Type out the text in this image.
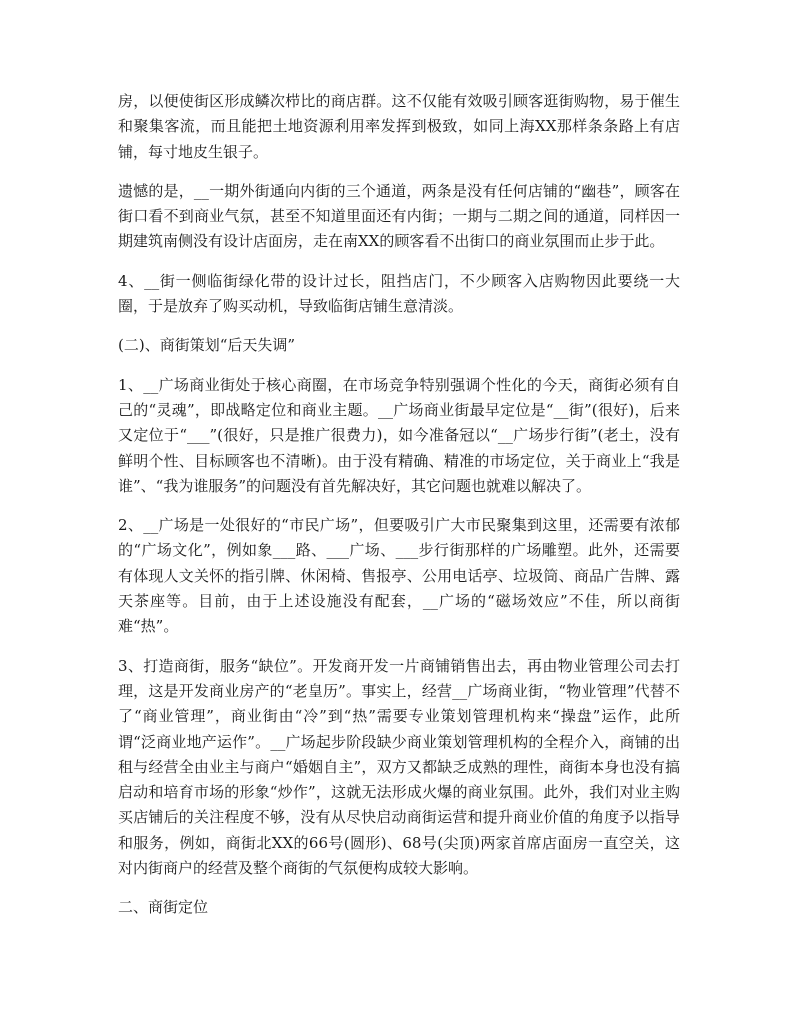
房，以便使街区形成鳞次栉比的商店群。这不仅能有效吸引顾客逛街购物，易于催生和聚集客流，而且能把土地资源利用率发挥到极致，如同上海XX那样条条路上有店铺，每寸地皮生银子。

遗憾的是，__一期外街通向内街的三个通道，两条是没有任何店铺的“幽巷”，顾客在街口看不到商业气氛，甚至不知道里面还有内街；一期与二期之间的通道，同样因一期建筑南侧没有设计店面房，走在南XX的顾客看不出街口的商业氛围而止步于此。

4、__街一侧临街绿化带的设计过长，阻挡店门，不少顾客入店购物因此要绕一大圈，于是放弃了购买动机，导致临街店铺生意清淡。

(二)、商街策划“后天失调”

1、__广场商业街处于核心商圈，在市场竞争特别强调个性化的今天，商街必须有自己的“灵魂”，即战略定位和商业主题。__广场商业街最早定位是“__街”(很好)，后来又定位于“___”(很好，只是推广很费力)，如今准备冠以“__广场步行街”(老土，没有鲜明个性、目标顾客也不清晰)。由于没有精确、精准的市场定位，关于商业上“我是谁”、“我为谁服务”的问题没有首先解决好，其它问题也就难以解决了。

2、__广场是一处很好的“市民广场”，但要吸引广大市民聚集到这里，还需要有浓郁的“广场文化”，例如象___路、___广场、___步行街那样的广场雕塑。此外，还需要有体现人文关怀的指引牌、休闲椅、售报亭、公用电话亭、垃圾筒、商品广告牌、露天茶座等。目前，由于上述设施没有配套，__广场的“磁场效应”不佳，所以商街难“热”。

3、打造商街，服务“缺位”。开发商开发一片商铺销售出去，再由物业管理公司去打理，这是开发商业房产的“老皇历”。事实上，经营__广场商业街，“物业管理”代替不了“商业管理”，商业街由“冷”到“热”需要专业策划管理机构来“操盘”运作，此所谓“泛商业地产运作”。__广场起步阶段缺少商业策划管理机构的全程介入，商铺的出租与经营全由业主与商户“婚姻自主”，双方又都缺乏成熟的理性，商街本身也没有搞启动和培育市场的形象“炒作”，这就无法形成火爆的商业氛围。此外，我们对业主购买店铺后的关注程度不够，没有从尽快启动商街运营和提升商业价值的角度予以指导和服务，例如，商街北XX的66号(圆形)、68号(尖顶)两家首席店面房一直空关，这对内街商户的经营及整个商街的气氛便构成较大影响。

二、商街定位
